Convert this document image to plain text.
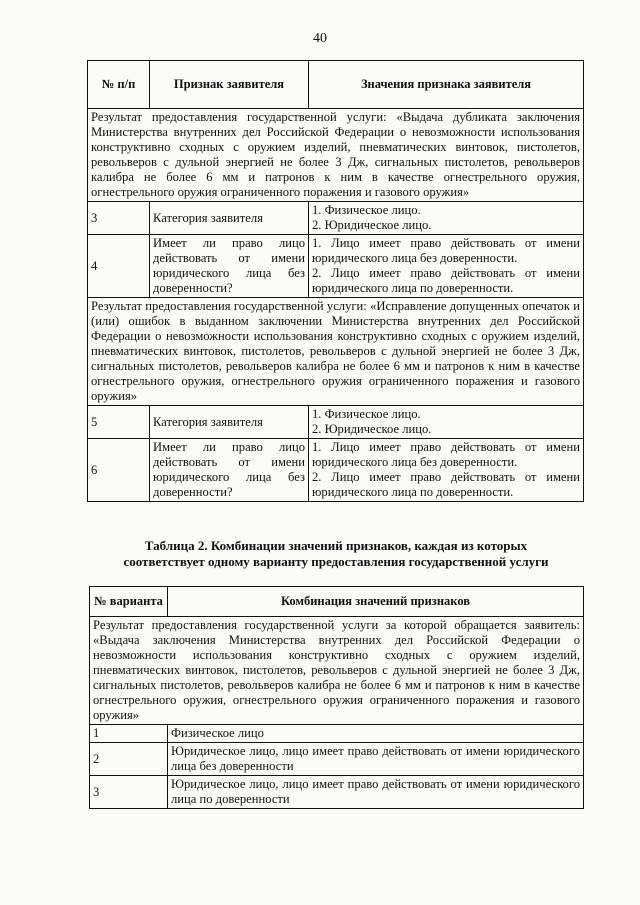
40
№ п/п	Признак заявителя	Значения признака заявителя
Результат предоставления государственной услуги: «Выдача дубликата заключения Министерства внутренних дел Российской Федерации о невозможности использования конструктивно сходных с оружием изделий, пневматических винтовок, пистолетов, револьверов с дульной энергией не более 3 Дж, сигнальных пистолетов, револьверов калибра не более 6 мм и патронов к ним в качестве огнестрельного оружия, огнестрельного оружия ограниченного поражения и газового оружия»		
3	Категория заявителя	1. Физическое лицо.
2. Юридическое лицо.

4	Имеет ли право лицо действовать от имени юридического лица без доверенности?	1. Лицо имеет право действовать от имени юридического лица без доверенности.
2. Лицо имеет право действовать от имени юридического лица по доверенности.

Результат предоставления государственной услуги: «Исправление допущенных опечаток и (или) ошибок в выданном заключении Министерства внутренних дел Российской Федерации о невозможности использования конструктивно сходных с оружием изделий, пневматических винтовок, пистолетов, револьверов с дульной энергией не более 3 Дж, сигнальных пистолетов, револьверов калибра не более 6 мм и патронов к ним в качестве огнестрельного оружия, огнестрельного оружия ограниченного поражения и газового оружия»		
5	Категория заявителя	1. Физическое лицо.
2. Юридическое лицо.

6	Имеет ли право лицо действовать от имени юридического лица без доверенности?	1. Лицо имеет право действовать от имени юридического лица без доверенности.
2. Лицо имеет право действовать от имени юридического лица по доверенности.
Таблица 2. Комбинации значений признаков, каждая из которых
соответствует одному варианту предоставления государственной услуги
№ варианта	Комбинация значений признаков
Результат предоставления государственной услуги за которой обращается заявитель: «Выдача заключения Министерства внутренних дел Российской Федерации о невозможности использования конструктивно сходных с оружием изделий, пневматических винтовок, пистолетов, револьверов с дульной энергией не более 3 Дж, сигнальных пистолетов, револьверов калибра не более 6 мм и патронов к ним в качестве огнестрельного оружия, огнестрельного оружия ограниченного поражения и газового оружия»	
1	Физическое лицо
2	Юридическое лицо, лицо имеет право действовать от имени юридического лица без доверенности
3	Юридическое лицо, лицо имеет право действовать от имени юридического лица по доверенности
